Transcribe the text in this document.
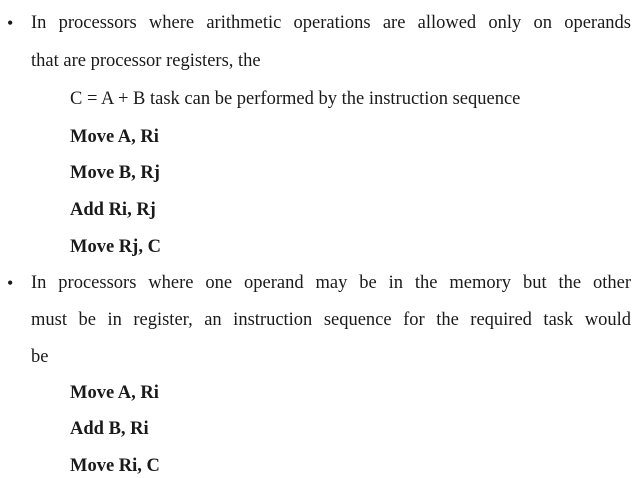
• In processors where arithmetic operations are allowed only on operands
that are processor registers, the
C = A + B task can be performed by the instruction sequence
Move A, Ri
Move B, Rj
Add Ri, Rj
Move Rj, C
• In processors where one operand may be in the memory but the other
must be in register, an instruction sequence for the required task would
be
Move A, Ri
Add B, Ri
Move Ri, C
